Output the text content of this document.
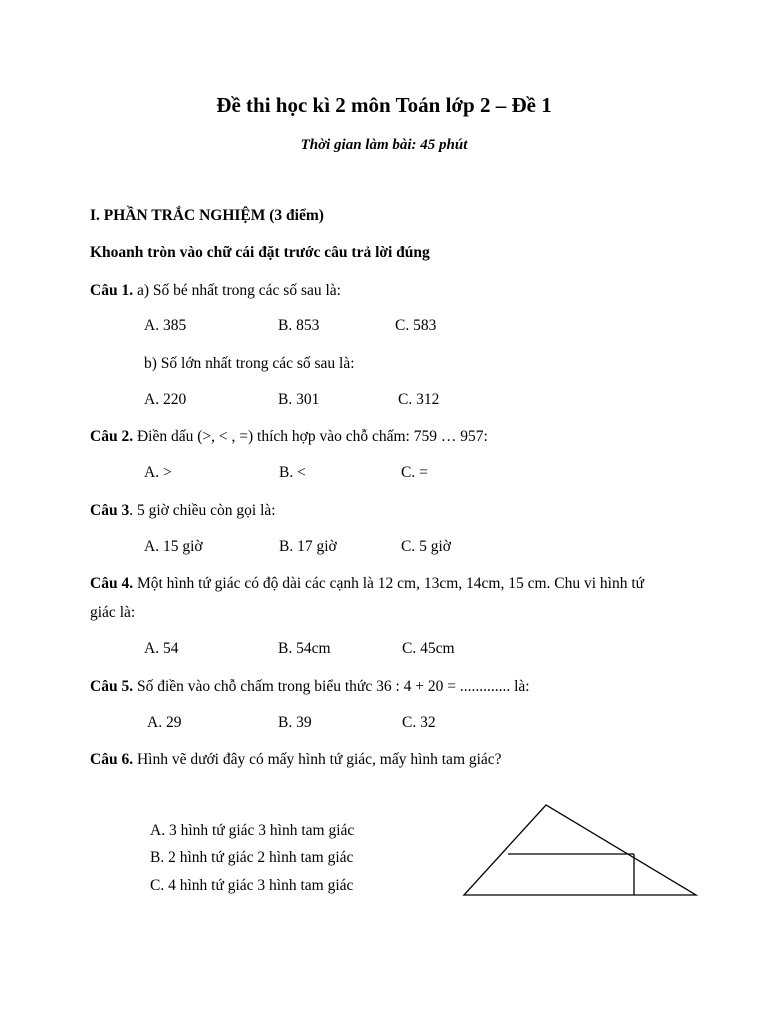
Đề thi học kì 2 môn Toán lớp 2 – Đề 1
Thời gian làm bài: 45 phút
I. PHẦN TRẮC NGHIỆM (3 điểm)
Khoanh tròn vào chữ cái đặt trước câu trả lời đúng
Câu 1. a) Số bé nhất trong các số sau là:
A. 385	B. 853	C. 583
b) Số lớn nhất trong các số sau là:
A. 220	B. 301	C. 312
Câu 2. Điền dấu (>, < , =) thích hợp vào chỗ chấm: 759 … 957:
A. >	B. <	C. =
Câu 3. 5 giờ chiều còn gọi là:
A. 15 giờ	B. 17 giờ	C. 5 giờ
Câu 4. Một hình tứ giác có độ dài các cạnh là 12 cm, 13cm, 14cm, 15 cm. Chu vi hình tứ
giác là:
A. 54	B. 54cm	C. 45cm
Câu 5. Số điền vào chỗ chấm trong biểu thức 36 : 4 + 20 = ............. là:
A. 29	B. 39	C. 32
Câu 6. Hình vẽ dưới đây có mấy hình tứ giác, mấy hình tam giác?
A. 3 hình tứ giác 3 hình tam giác
B. 2 hình tứ giác 2 hình tam giác
C. 4 hình tứ giác 3 hình tam giác
